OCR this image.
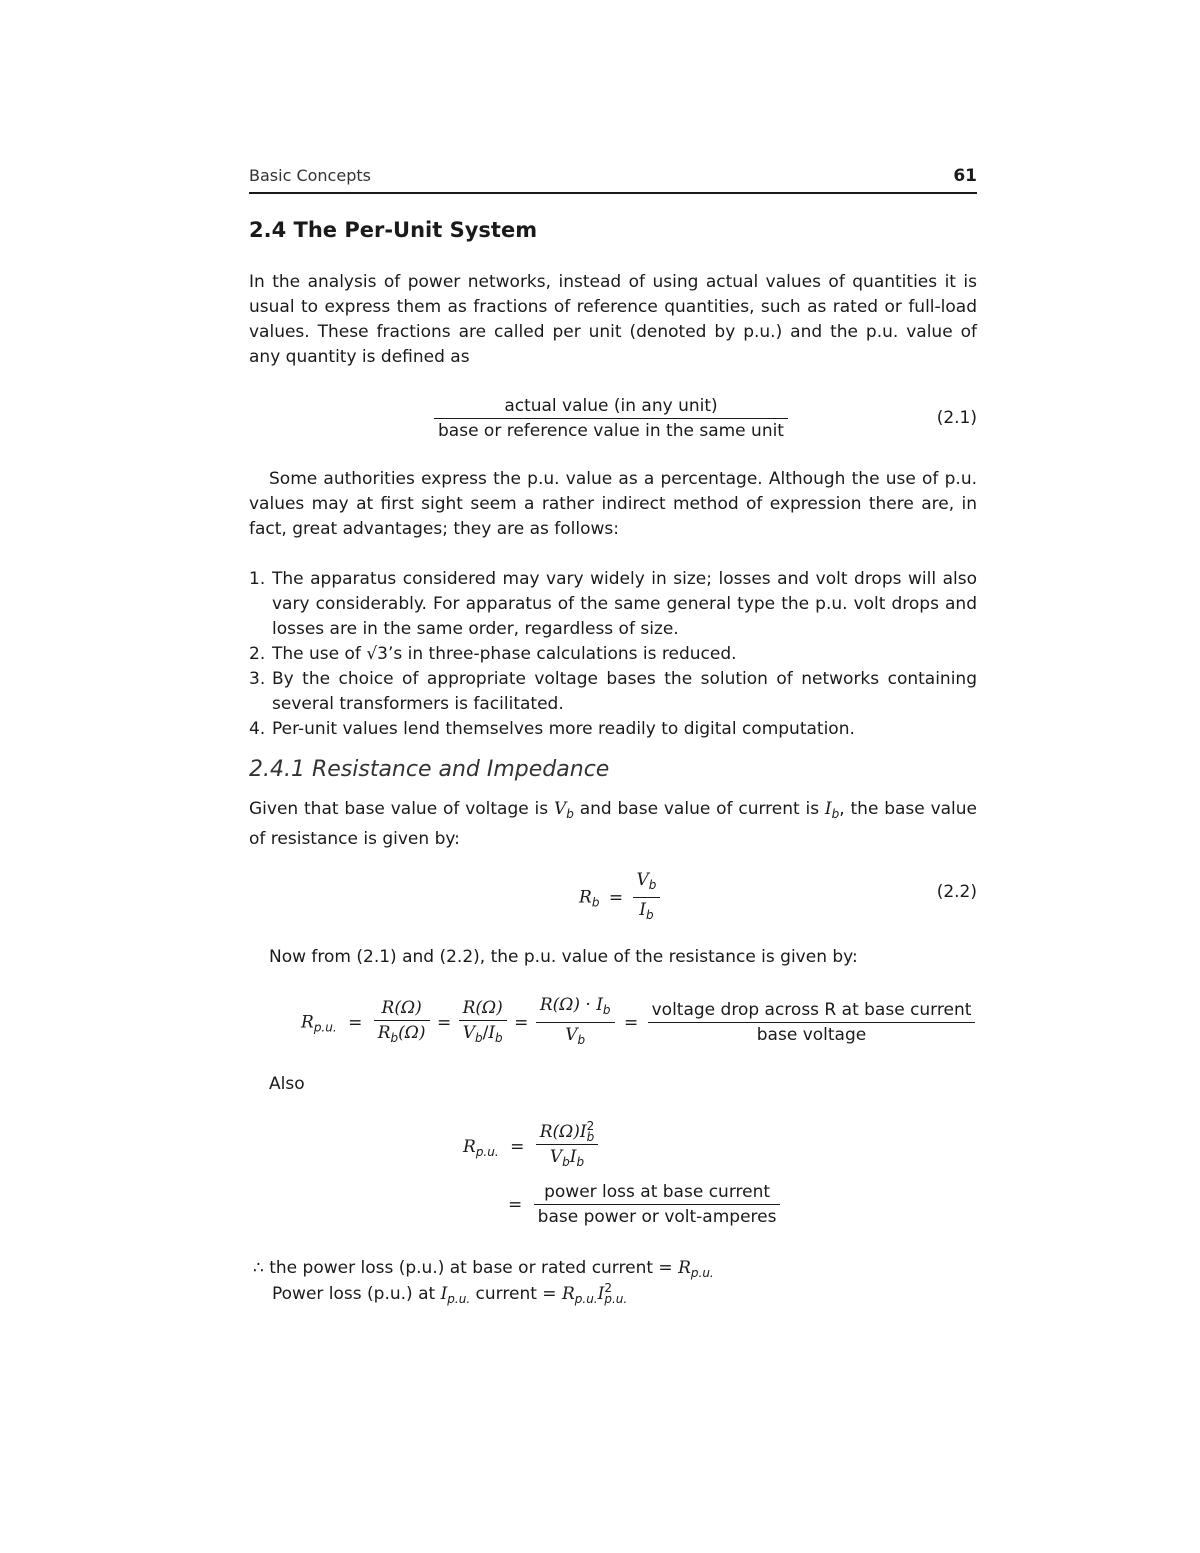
Basic Concepts	61
2.4 The Per-Unit System

In the analysis of power networks, instead of using actual values of quantities it is usual to express them as fractions of reference quantities, such as rated or full-load values. These fractions are called per unit (denoted by p.u.) and the p.u. value of any quantity is defined as

$\frac{\text{actual value (in any unit)}}{\text{base or reference value in the same unit}}$	(2.1)

Some authorities express the p.u. value as a percentage. Although the use of p.u. values may at first sight seem a rather indirect method of expression there are, in fact, great advantages; they are as follows:

1. The apparatus considered may vary widely in size; losses and volt drops will also vary considerably. For apparatus of the same general type the p.u. volt drops and losses are in the same order, regardless of size.
2. The use of √3’s in three-phase calculations is reduced.
3. By the choice of appropriate voltage bases the solution of networks containing several transformers is facilitated.
4. Per-unit values lend themselves more readily to digital computation.
2.4.1 Resistance and Impedance

Given that base value of voltage is $V_b$ and base value of current is $I_b$, the base value of resistance is given by:

$R_b = \frac{V_b}{I_b}$	(2.2)

Now from (2.1) and (2.2), the p.u. value of the resistance is given by:

$R_{p.u.} = \frac{R(\Omega)}{R_b(\Omega)} = \frac{R(\Omega)}{V_b/I_b} = \frac{R(\Omega) \cdot I_b}{V_b} = \frac{\text{voltage drop across R at base current}}{\text{base voltage}}$

Also

$R_{p.u.}$ =
R(Ω)I2
b
$V_bI_b$
= $\frac{\text{power loss at base current}}{\text{base power or volt-amperes}}$
∴ the power loss (p.u.) at base or rated current = $R_{p.u.}$
Power loss (p.u.) at $I_{p.u.}$ current = $R_{p.u.}I2$
p.u.
